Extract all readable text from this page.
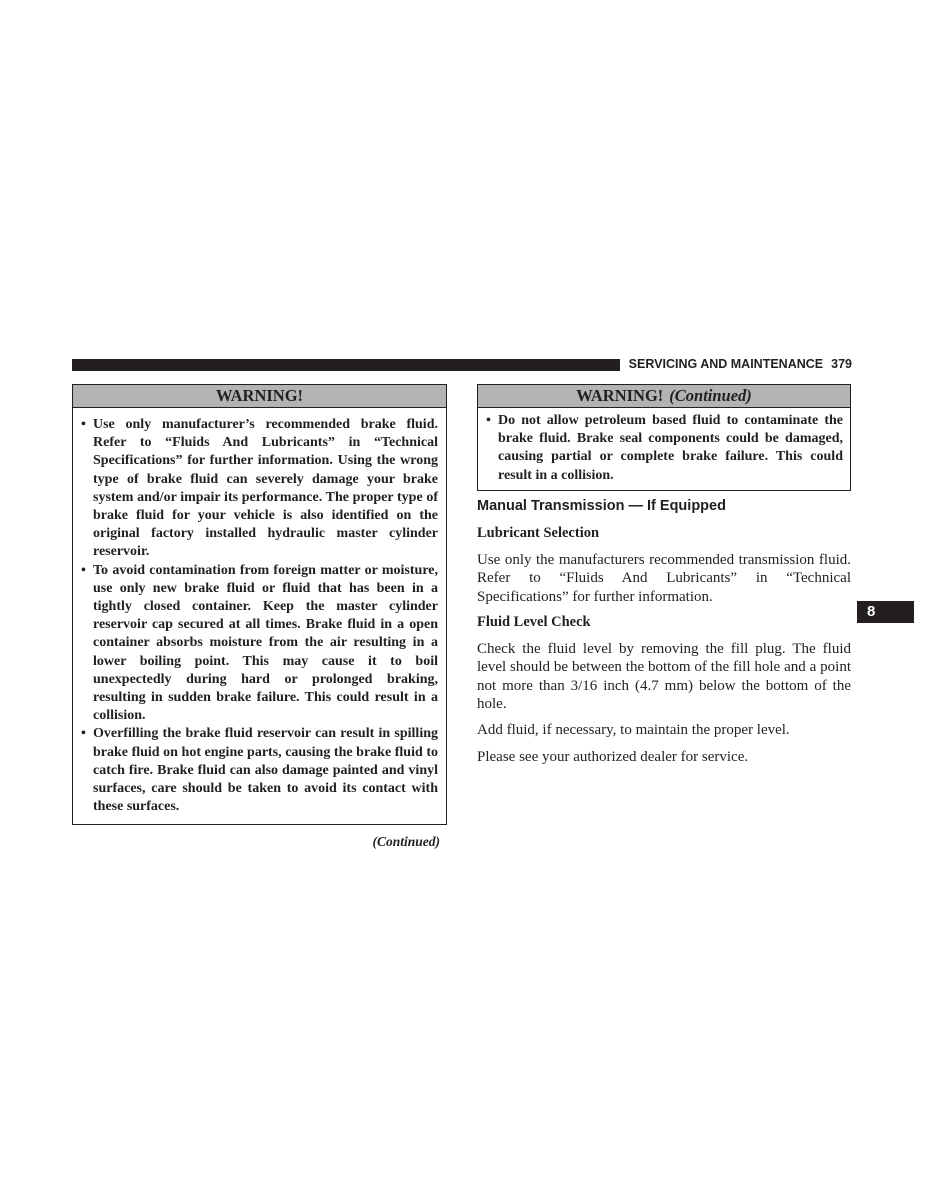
SERVICING AND MAINTENANCE 379
8
WARNING!
• Use only manufacturer’s recommended brake fluid. Refer to “Fluids And Lubricants” in “Technical Specifications” for further information. Using the wrong type of brake fluid can severely damage your brake system and/or impair its performance. The proper type of brake fluid for your vehicle is also identified on the original factory installed hydraulic master cylinder reservoir.
• To avoid contamination from foreign matter or moisture, use only new brake fluid or fluid that has been in a tightly closed container. Keep the master cylinder reservoir cap secured at all times. Brake fluid in a open container absorbs moisture from the air resulting in a lower boiling point. This may cause it to boil unexpectedly during hard or prolonged braking, resulting in sudden brake failure. This could result in a collision.
• Overfilling the brake fluid reservoir can result in spilling brake fluid on hot engine parts, causing the brake fluid to catch fire. Brake fluid can also damage painted and vinyl surfaces, care should be taken to avoid its contact with these surfaces.
(Continued)
WARNING! (Continued)
• Do not allow petroleum based fluid to contaminate the brake fluid. Brake seal components could be damaged, causing partial or complete brake failure. This could result in a collision.
Manual Transmission — If Equipped
Lubricant Selection
Use only the manufacturers recommended transmission fluid. Refer to “Fluids And Lubricants” in “Technical Specifications” for further information.
Fluid Level Check
Check the fluid level by removing the fill plug. The fluid level should be between the bottom of the fill hole and a point not more than 3/16 inch (4.7 mm) below the bottom of the hole.
Add fluid, if necessary, to maintain the proper level.
Please see your authorized dealer for service.
